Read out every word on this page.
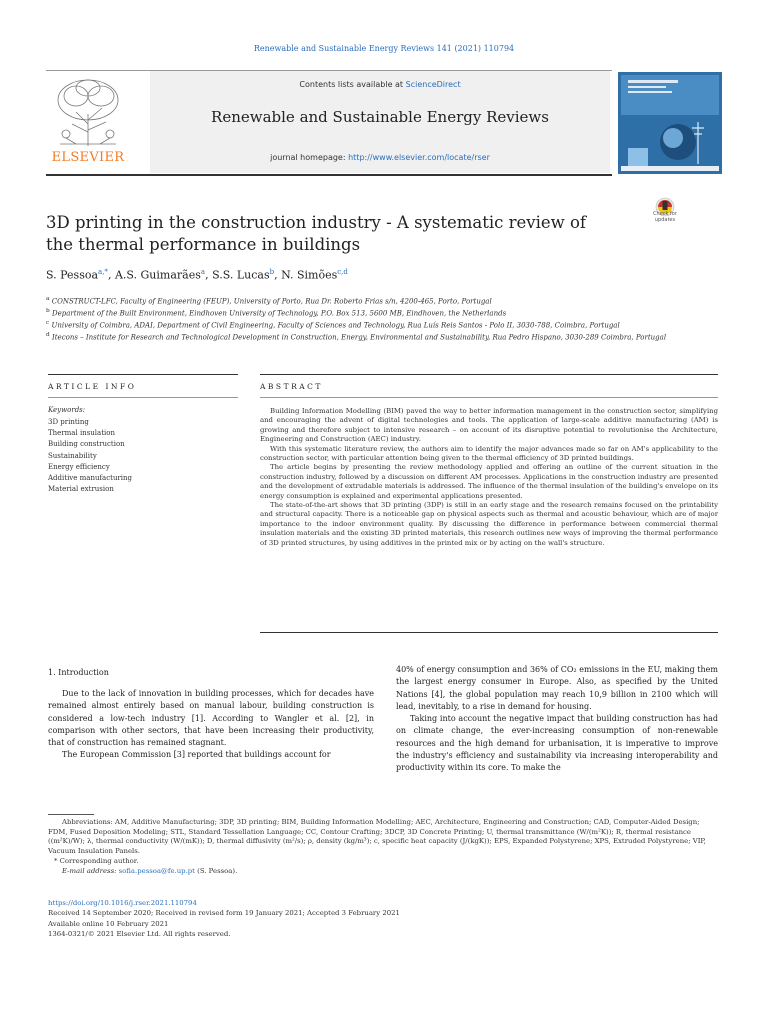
Renewable and Sustainable Energy Reviews 141 (2021) 110794
ELSEVIER
Contents lists available at ScienceDirect
Renewable and Sustainable Energy Reviews
journal homepage: http://www.elsevier.com/locate/rser
3D printing in the construction industry - A systematic review of the thermal performance in buildings
Check for updates
S. Pessoa$^{a,*}$, A.S. Guimarães$^a$, S.S. Lucas$^b$, N. Simões$^{c,d}$
$^a$ CONSTRUCT-LFC, Faculty of Engineering (FEUP), University of Porto, Rua Dr. Roberto Frias s/n, 4200-465, Porto, Portugal
$^b$ Department of the Built Environment, Eindhoven University of Technology, P.O. Box 513, 5600 MB, Eindhoven, the Netherlands
$^c$ University of Coimbra, ADAI, Department of Civil Engineering, Faculty of Sciences and Technology, Rua Luís Reis Santos - Polo II, 3030-788, Coimbra, Portugal
$^d$ Itecons – Institute for Research and Technological Development in Construction, Energy, Environmental and Sustainability, Rua Pedro Hispano, 3030-289 Coimbra, Portugal
ARTICLE INFO	ABSTRACT
Keywords:
3D printing
Thermal insulation
Building construction
Sustainability
Energy efficiency
Additive manufacturing
Material extrusion

Building Information Modelling (BIM) paved the way to better information management in the construction sector, simplifying and encouraging the advent of digital technologies and tools. The application of large-scale additive manufacturing (AM) is growing and therefore subject to intensive research – on account of its disruptive potential to revolutionise the Architecture, Engineering and Construction (AEC) industry.

With this systematic literature review, the authors aim to identify the major advances made so far on AM's applicability to the construction sector, with particular attention being given to the thermal efficiency of 3D printed buildings.

The article begins by presenting the review methodology applied and offering an outline of the current situation in the construction industry, followed by a discussion on different AM processes. Applications in the construction industry are presented and the development of extrudable materials is addressed. The influence of the thermal insulation of the building's envelope on its energy consumption is explained and experimental applications presented.

The state-of-the-art shows that 3D printing (3DP) is still in an early stage and the research remains focused on the printability and structural capacity. There is a noticeable gap on physical aspects such as thermal and acoustic behaviour, which are of major importance to the indoor environment quality. By discussing the difference in performance between commercial thermal insulation materials and the existing 3D printed materials, this research outlines new ways of improving the thermal performance of 3D printed structures, by using additives in the printed mix or by acting on the wall's structure.

1. Introduction

Due to the lack of innovation in building processes, which for decades have remained almost entirely based on manual labour, building construction is considered a low-tech industry [1]. According to Wangler et al. [2], in comparison with other sectors, that have been increasing their productivity, that of construction has remained stagnant.

The European Commission [3] reported that buildings account for

40% of energy consumption and 36% of CO₂ emissions in the EU, making them the largest energy consumer in Europe. Also, as specified by the United Nations [4], the global population may reach 10,9 billion in 2100 which will lead, inevitably, to a rise in demand for housing.

Taking into account the negative impact that building construction has had on climate change, the ever-increasing consumption of non-renewable resources and the high demand for urbanisation, it is imperative to improve the industry's efficiency and sustainability via increasing interoperability and productivity within its core. To make the

Abbreviations: AM, Additive Manufacturing; 3DP, 3D printing; BIM, Building Information Modelling; AEC, Architecture, Engineering and Construction; CAD, Computer-Aided Design; FDM, Fused Deposition Modeling; STL, Standard Tessellation Language; CC, Contour Crafting; 3DCP, 3D Concrete Printing; U, thermal transmittance (W/(m²K)); R, thermal resistance ((m²K)/W); λ, thermal conductivity (W/(mK)); D, thermal diffusivity (m²/s); ρ, density (kg/m³); c, specific heat capacity (J/(kgK)); EPS, Expanded Polystyrene; XPS, Extruded Polystyrene; VIP, Vacuum Insulation Panels.

* Corresponding author.

E-mail address: sofia.pessoa@fe.up.pt (S. Pessoa).

https://doi.org/10.1016/j.rser.2021.110794
Received 14 September 2020; Received in revised form 19 January 2021; Accepted 3 February 2021
Available online 10 February 2021
1364-0321/© 2021 Elsevier Ltd. All rights reserved.
